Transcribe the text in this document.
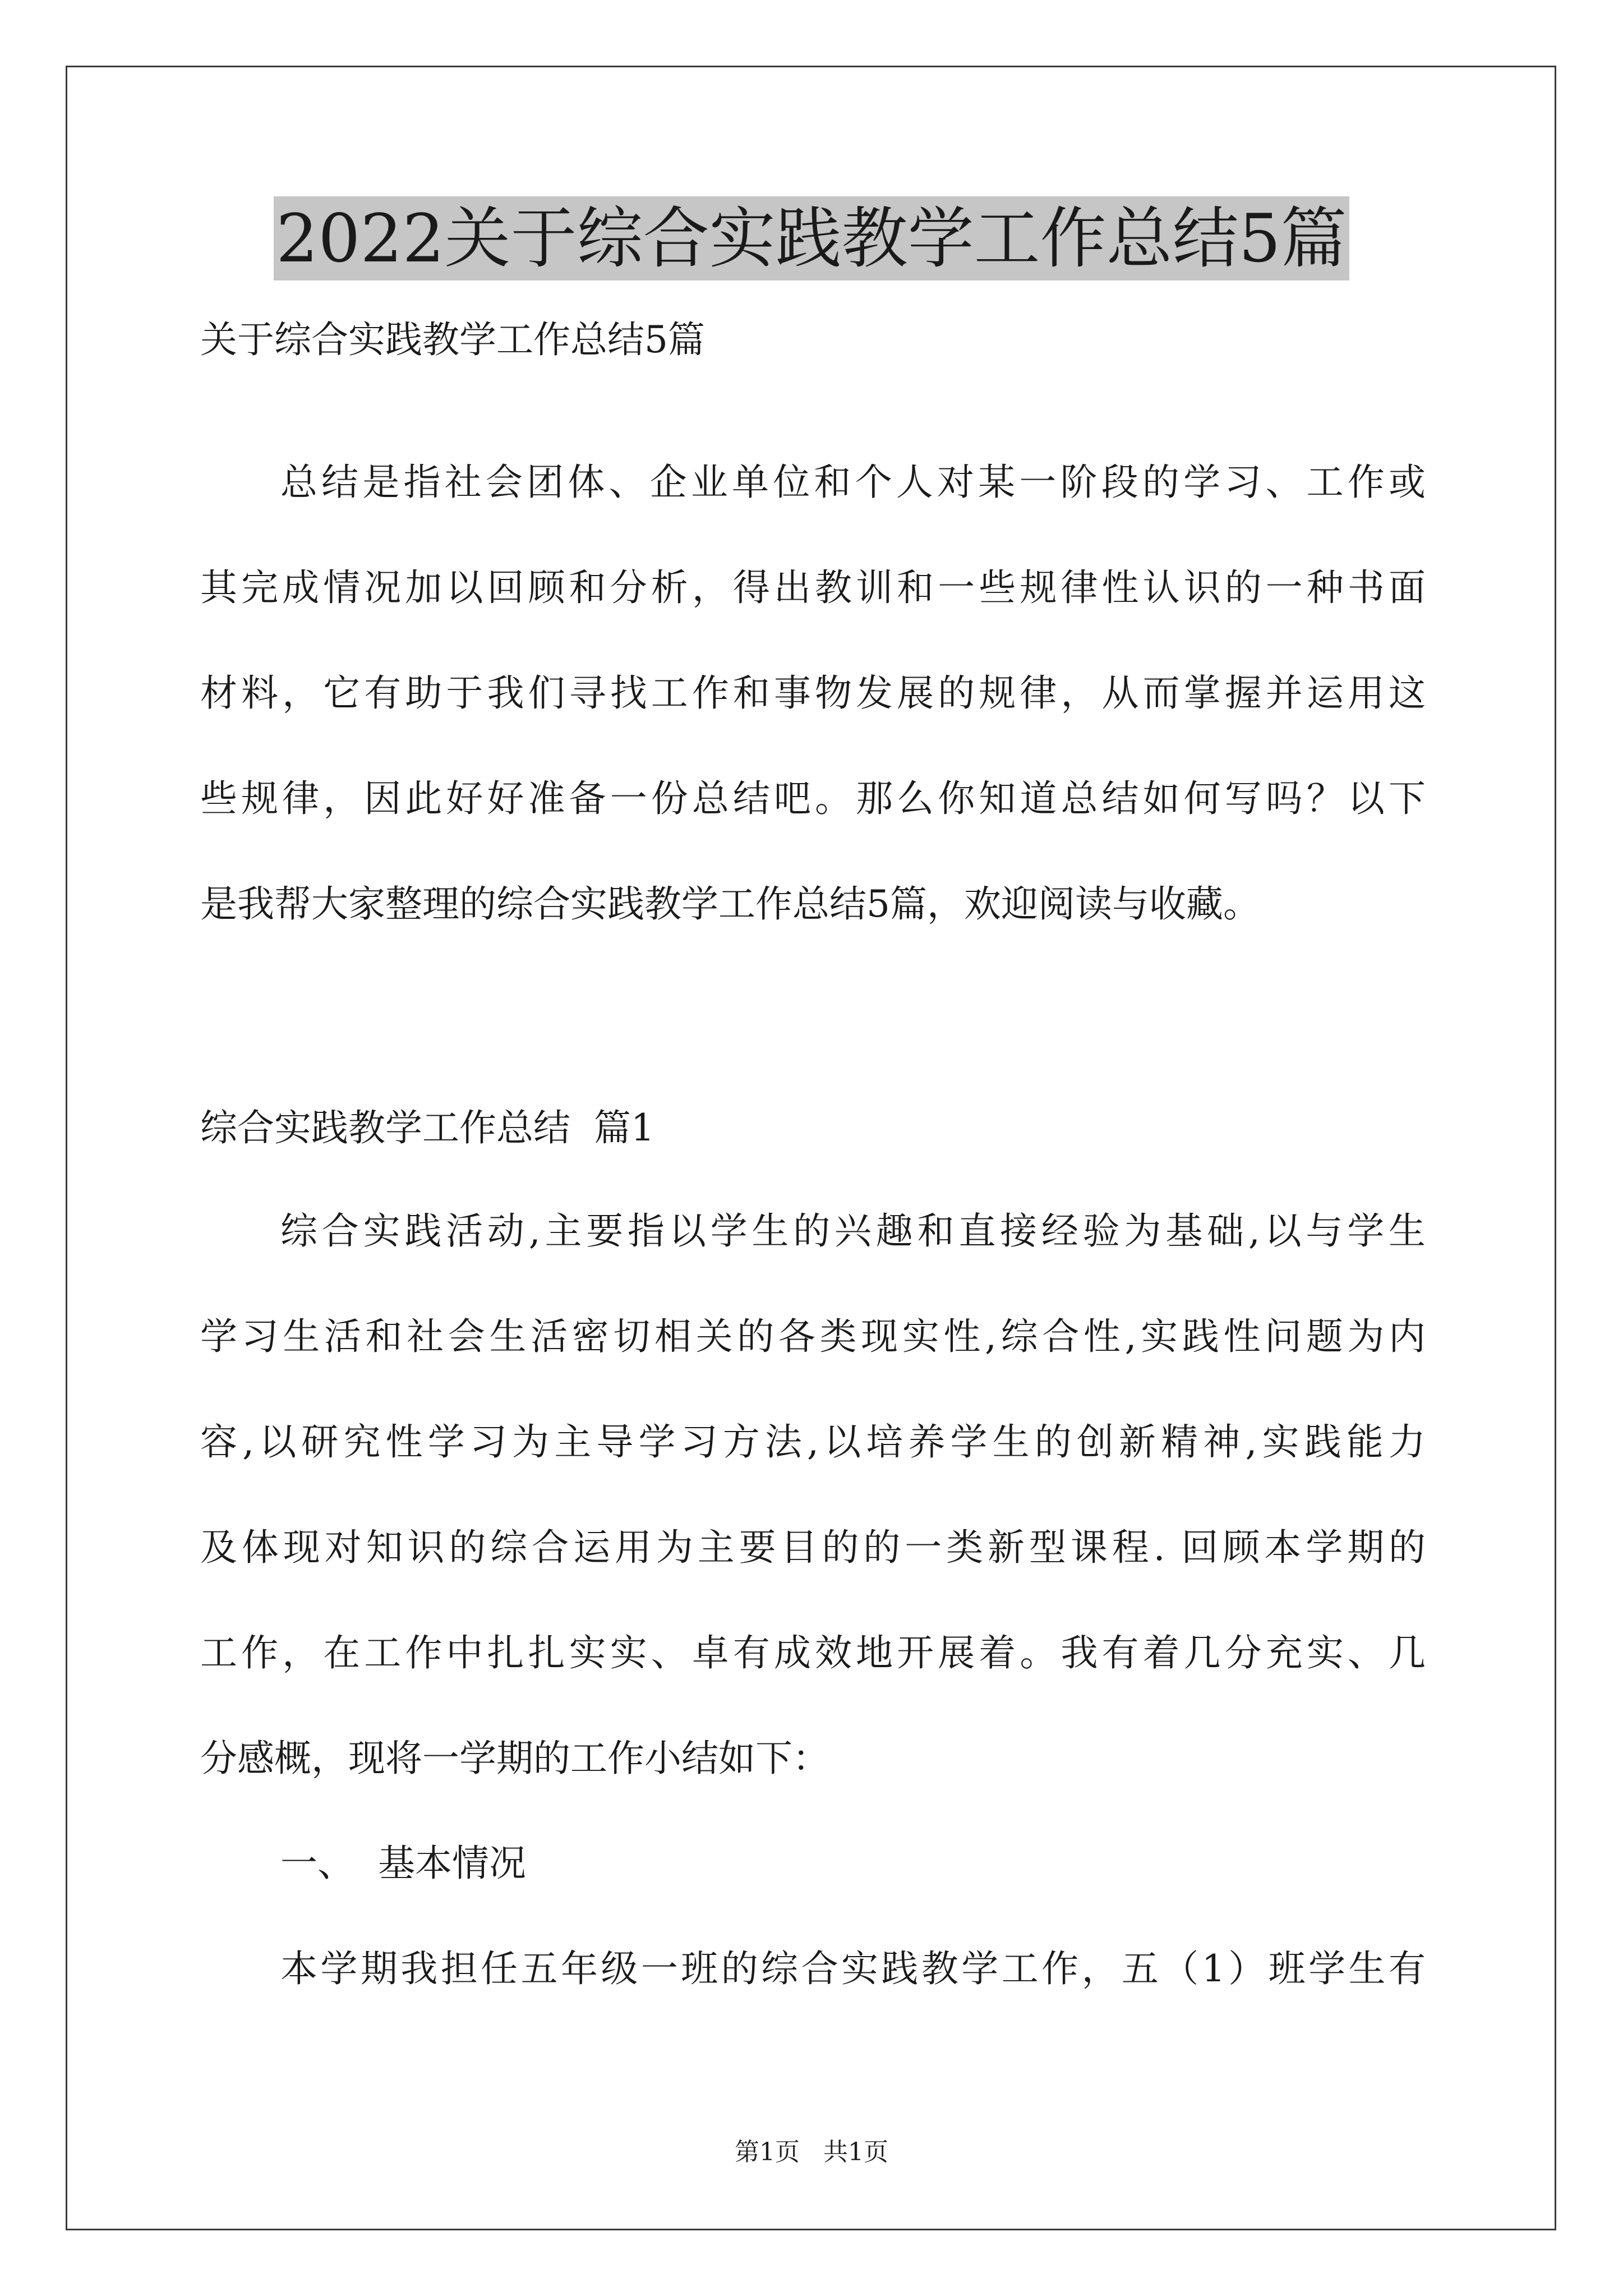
2022关于综合实践教学工作总结5篇
关于综合实践教学工作总结5篇
总结是指社会团体、企业单位和个人对某一阶段的学习、工作或
其完成情况加以回顾和分析，得出教训和一些规律性认识的一种书面
材料，它有助于我们寻找工作和事物发展的规律，从而掌握并运用这
些规律，因此好好准备一份总结吧。那么你知道总结如何写吗？以下
是我帮大家整理的综合实践教学工作总结5篇，欢迎阅读与收藏。
综合实践教学工作总结  篇1
综合实践活动,主要指以学生的兴趣和直接经验为基础,以与学生
学习生活和社会生活密切相关的各类现实性,综合性,实践性问题为内
容,以研究性学习为主导学习方法,以培养学生的创新精神,实践能力
及体现对知识的综合运用为主要目的的一类新型课程. 回顾本学期的
工作，在工作中扎扎实实、卓有成效地开展着。我有着几分充实、几
分感概，现将一学期的工作小结如下：
一、  基本情况
本学期我担任五年级一班的综合实践教学工作，五（1）班学生有
第1页   共1页
